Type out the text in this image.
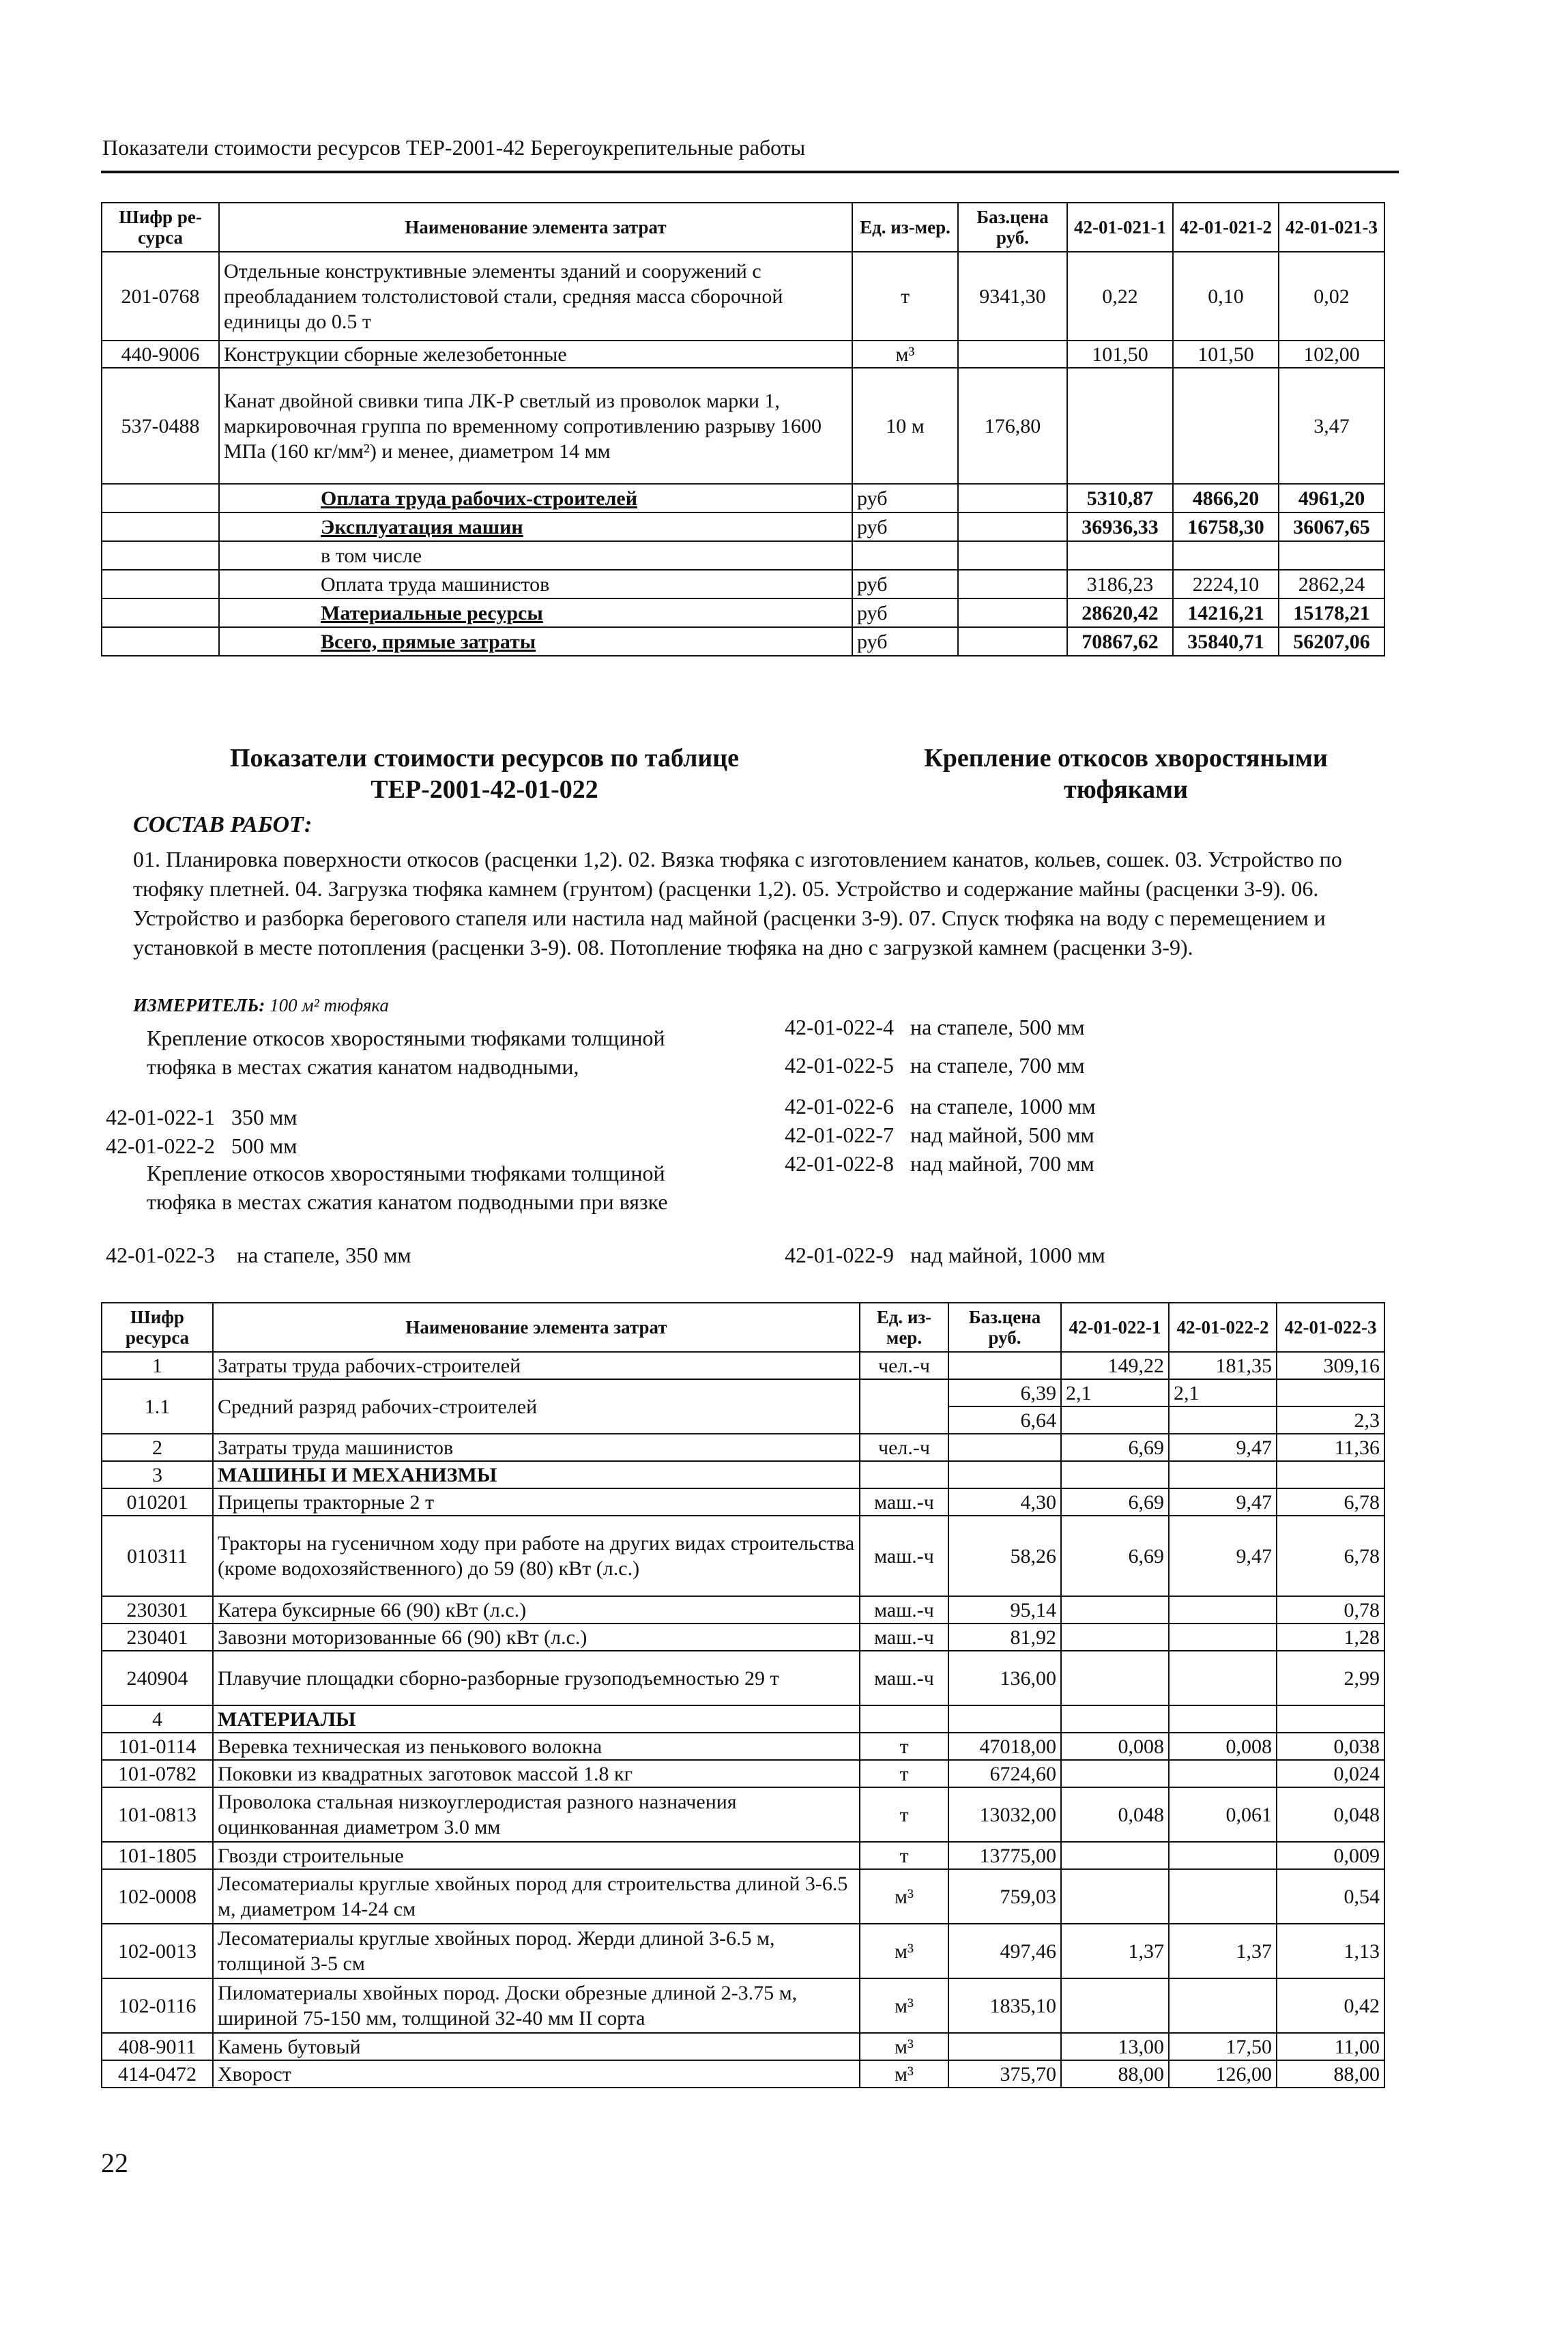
Показатели стоимости ресурсов ТЕР-2001-42 Берегоукрепительные работы
Шифр ре-сурса	Наименование элемента затрат	Ед. из-мер.	Баз.цена руб.	42-01-021-1	42-01-021-2	42-01-021-3
201-0768	Отдельные конструктивные элементы зданий и сооружений с преобладанием толстолистовой стали, средняя масса сборочной единицы до 0.5 т	т	9341,30	0,22	0,10	0,02
440-9006	Конструкции сборные железобетонные	м³		101,50	101,50	102,00
537-0488	Канат двойной свивки типа ЛК-Р светлый из проволок марки 1, маркировочная группа по временному сопротивлению разрыву 1600 МПа (160 кг/мм²) и менее, диаметром 14 мм	10 м	176,80			3,47
	Оплата труда рабочих-строителей	руб		5310,87	4866,20	4961,20
	Эксплуатация машин	руб		36936,33	16758,30	36067,65
	в том числе					
	Оплата труда машинистов	руб		3186,23	2224,10	2862,24
	Материальные ресурсы	руб		28620,42	14216,21	15178,21
	Всего, прямые затраты	руб		70867,62	35840,71	56207,06
Показатели стоимости ресурсов по таблице ТЕР-2001-42-01-022
Крепление откосов хворостяными тюфяками
СОСТАВ РАБОТ:
01. Планировка поверхности откосов (расценки 1,2). 02. Вязка тюфяка с изготовлением канатов, кольев, сошек. 03. Устройство по тюфяку плетней. 04. Загрузка тюфяка камнем (грунтом) (расценки 1,2). 05. Устройство и содержание майны (расценки 3-9). 06. Устройство и разборка берегового стапеля или настила над майной (расценки 3-9). 07. Спуск тюфяка на воду с перемещением и установкой в месте потопления (расценки 3-9). 08. Потопление тюфяка на дно с загрузкой камнем (расценки 3-9).
ИЗМЕРИТЕЛЬ: 100 м² тюфяка
Крепление откосов хворостяными тюфяками толщиной тюфяка в местах сжатия канатом надводными,
42-01-022-1 350 мм
42-01-022-2 500 мм
Крепление откосов хворостяными тюфяками толщиной тюфяка в местах сжатия канатом подводными при вязке
42-01-022-3 на стапеле, 350 мм
42-01-022-4 на стапеле, 500 мм
42-01-022-5 на стапеле, 700 мм
42-01-022-6 на стапеле, 1000 мм
42-01-022-7 над майной, 500 мм
42-01-022-8 над майной, 700 мм
42-01-022-9 над майной, 1000 мм
Шифр ресурса	Наименование элемента затрат	Ед. из-мер.	Баз.цена руб.	42-01-022-1	42-01-022-2	42-01-022-3
1	Затраты труда рабочих-строителей	чел.-ч		149,22	181,35	309,16
1.1	Средний разряд рабочих-строителей		6,39	2,1	2,1	
			6,64			2,3
2	Затраты труда машинистов	чел.-ч		6,69	9,47	11,36
3	МАШИНЫ И МЕХАНИЗМЫ					
010201	Прицепы тракторные 2 т	маш.-ч	4,30	6,69	9,47	6,78
010311	Тракторы на гусеничном ходу при работе на других видах строительства (кроме водохозяйственного) до 59 (80) кВт (л.с.)	маш.-ч	58,26	6,69	9,47	6,78
230301	Катера буксирные 66 (90) кВт (л.с.)	маш.-ч	95,14			0,78
230401	Завозни моторизованные 66 (90) кВт (л.с.)	маш.-ч	81,92			1,28
240904	Плавучие площадки сборно-разборные грузоподъемностью 29 т	маш.-ч	136,00			2,99
4	МАТЕРИАЛЫ					
101-0114	Веревка техническая из пенькового волокна	т	47018,00	0,008	0,008	0,038
101-0782	Поковки из квадратных заготовок массой 1.8 кг	т	6724,60			0,024
101-0813	Проволока стальная низкоуглеродистая разного назначения оцинкованная диаметром 3.0 мм	т	13032,00	0,048	0,061	0,048
101-1805	Гвозди строительные	т	13775,00			0,009
102-0008	Лесоматериалы круглые хвойных пород для строительства длиной 3-6.5 м, диаметром 14-24 см	м³	759,03			0,54
102-0013	Лесоматериалы круглые хвойных пород. Жерди длиной 3-6.5 м, толщиной 3-5 см	м³	497,46	1,37	1,37	1,13
102-0116	Пиломатериалы хвойных пород. Доски обрезные длиной 2-3.75 м, шириной 75-150 мм, толщиной 32-40 мм II сорта	м³	1835,10			0,42
408-9011	Камень бутовый	м³		13,00	17,50	11,00
414-0472	Хворост	м³	375,70	88,00	126,00	88,00
22
